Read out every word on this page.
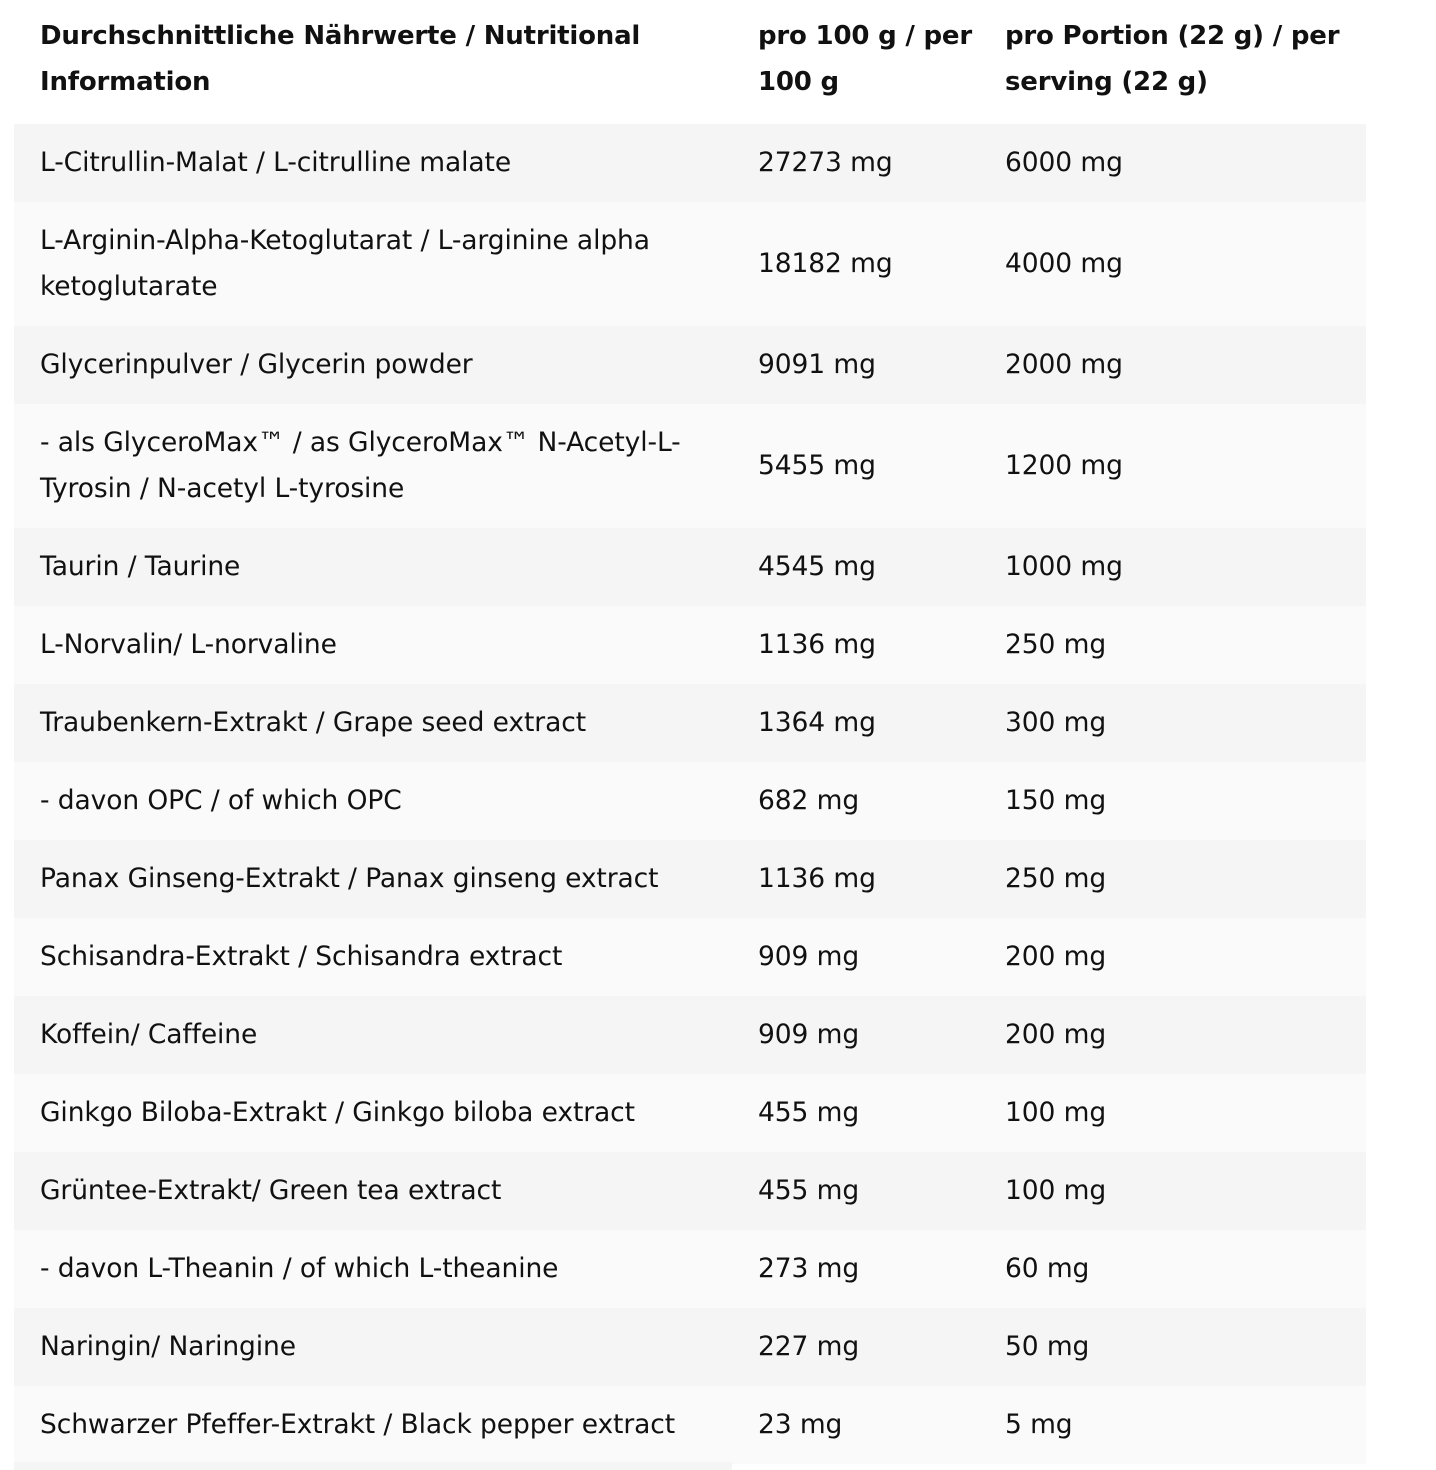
Durchschnittliche Nährwerte / Nutritional Information	pro 100 g / per 100 g	pro Portion (22 g) / per serving (22 g)
L-Citrullin-Malat / L-citrulline malate	27273 mg	6000 mg
L-Arginin-Alpha-Ketoglutarat / L-arginine alpha ketoglutarate	18182 mg	4000 mg
Glycerinpulver / Glycerin powder	9091 mg	2000 mg
- als GlyceroMax™ / as GlyceroMax™ N-Acetyl-L-Tyrosin / N-acetyl L-tyrosine	5455 mg	1200 mg
Taurin / Taurine	4545 mg	1000 mg
L-Norvalin/ L-norvaline	1136 mg	250 mg
Traubenkern-Extrakt / Grape seed extract	1364 mg	300 mg
- davon OPC / of which OPC	682 mg	150 mg
Panax Ginseng-Extrakt / Panax ginseng extract	1136 mg	250 mg
Schisandra-Extrakt / Schisandra extract	909 mg	200 mg
Koffein/ Caffeine	909 mg	200 mg
Ginkgo Biloba-Extrakt / Ginkgo biloba extract	455 mg	100 mg
Grüntee-Extrakt/ Green tea extract	455 mg	100 mg
- davon L-Theanin / of which L-theanine	273 mg	60 mg
Naringin/ Naringine	227 mg	50 mg
Schwarzer Pfeffer-Extrakt / Black pepper extract	23 mg	5 mg
